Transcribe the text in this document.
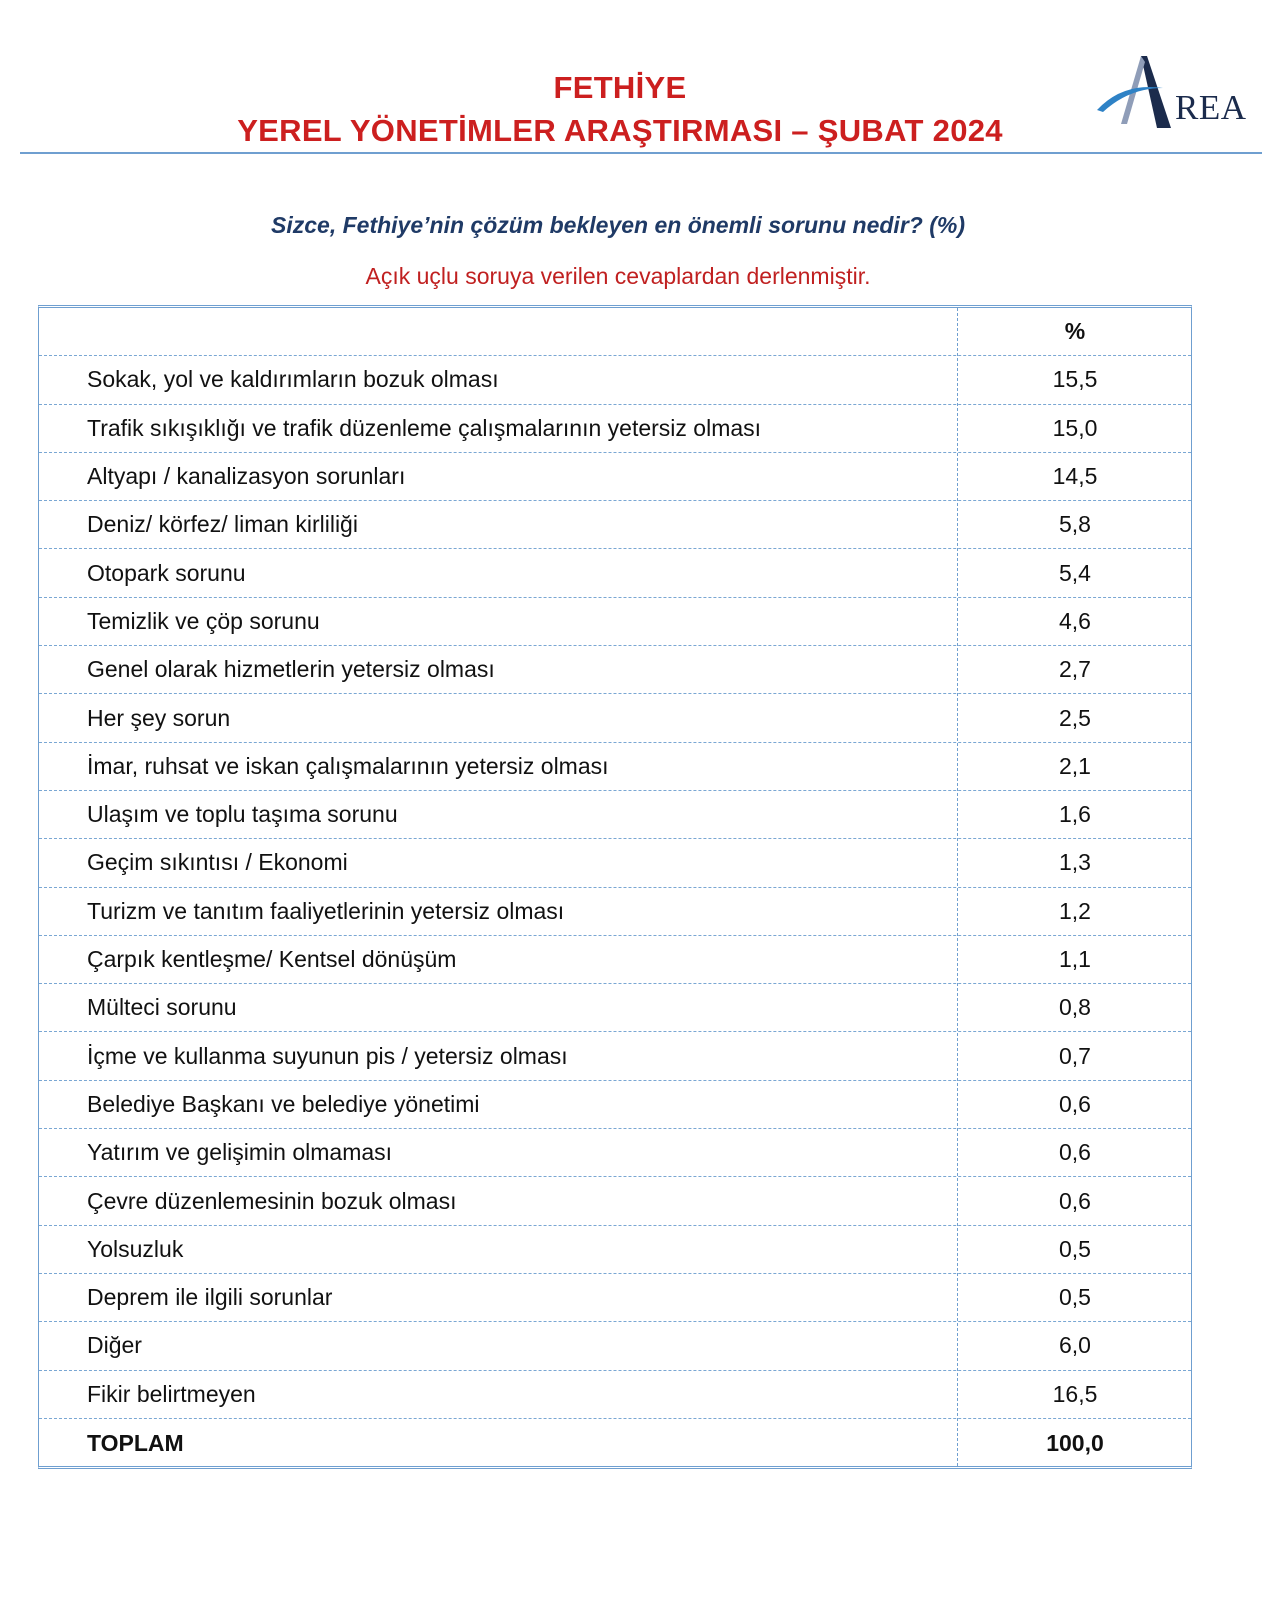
FETHİYE
YEREL YÖNETİMLER ARAŞTIRMASI – ŞUBAT 2024
REA
Sizce, Fethiye’nin çözüm bekleyen en önemli sorunu nedir? (%)
Açık uçlu soruya verilen cevaplardan derlenmiştir.
%
Sokak, yol ve kaldırımların bozuk olması	15,5
Trafik sıkışıklığı ve trafik düzenleme çalışmalarının yetersiz olması	15,0
Altyapı / kanalizasyon sorunları	14,5
Deniz/ körfez/ liman kirliliği	5,8
Otopark sorunu	5,4
Temizlik ve çöp sorunu	4,6
Genel olarak hizmetlerin yetersiz olması	2,7
Her şey sorun	2,5
İmar, ruhsat ve iskan çalışmalarının yetersiz olması	2,1
Ulaşım ve toplu taşıma sorunu	1,6
Geçim sıkıntısı / Ekonomi	1,3
Turizm ve tanıtım faaliyetlerinin yetersiz olması	1,2
Çarpık kentleşme/ Kentsel dönüşüm	1,1
Mülteci sorunu	0,8
İçme ve kullanma suyunun pis / yetersiz olması	0,7
Belediye Başkanı ve belediye yönetimi	0,6
Yatırım ve gelişimin olmaması	0,6
Çevre düzenlemesinin bozuk olması	0,6
Yolsuzluk	0,5
Deprem ile ilgili sorunlar	0,5
Diğer	6,0
Fikir belirtmeyen	16,5
TOPLAM	100,0
